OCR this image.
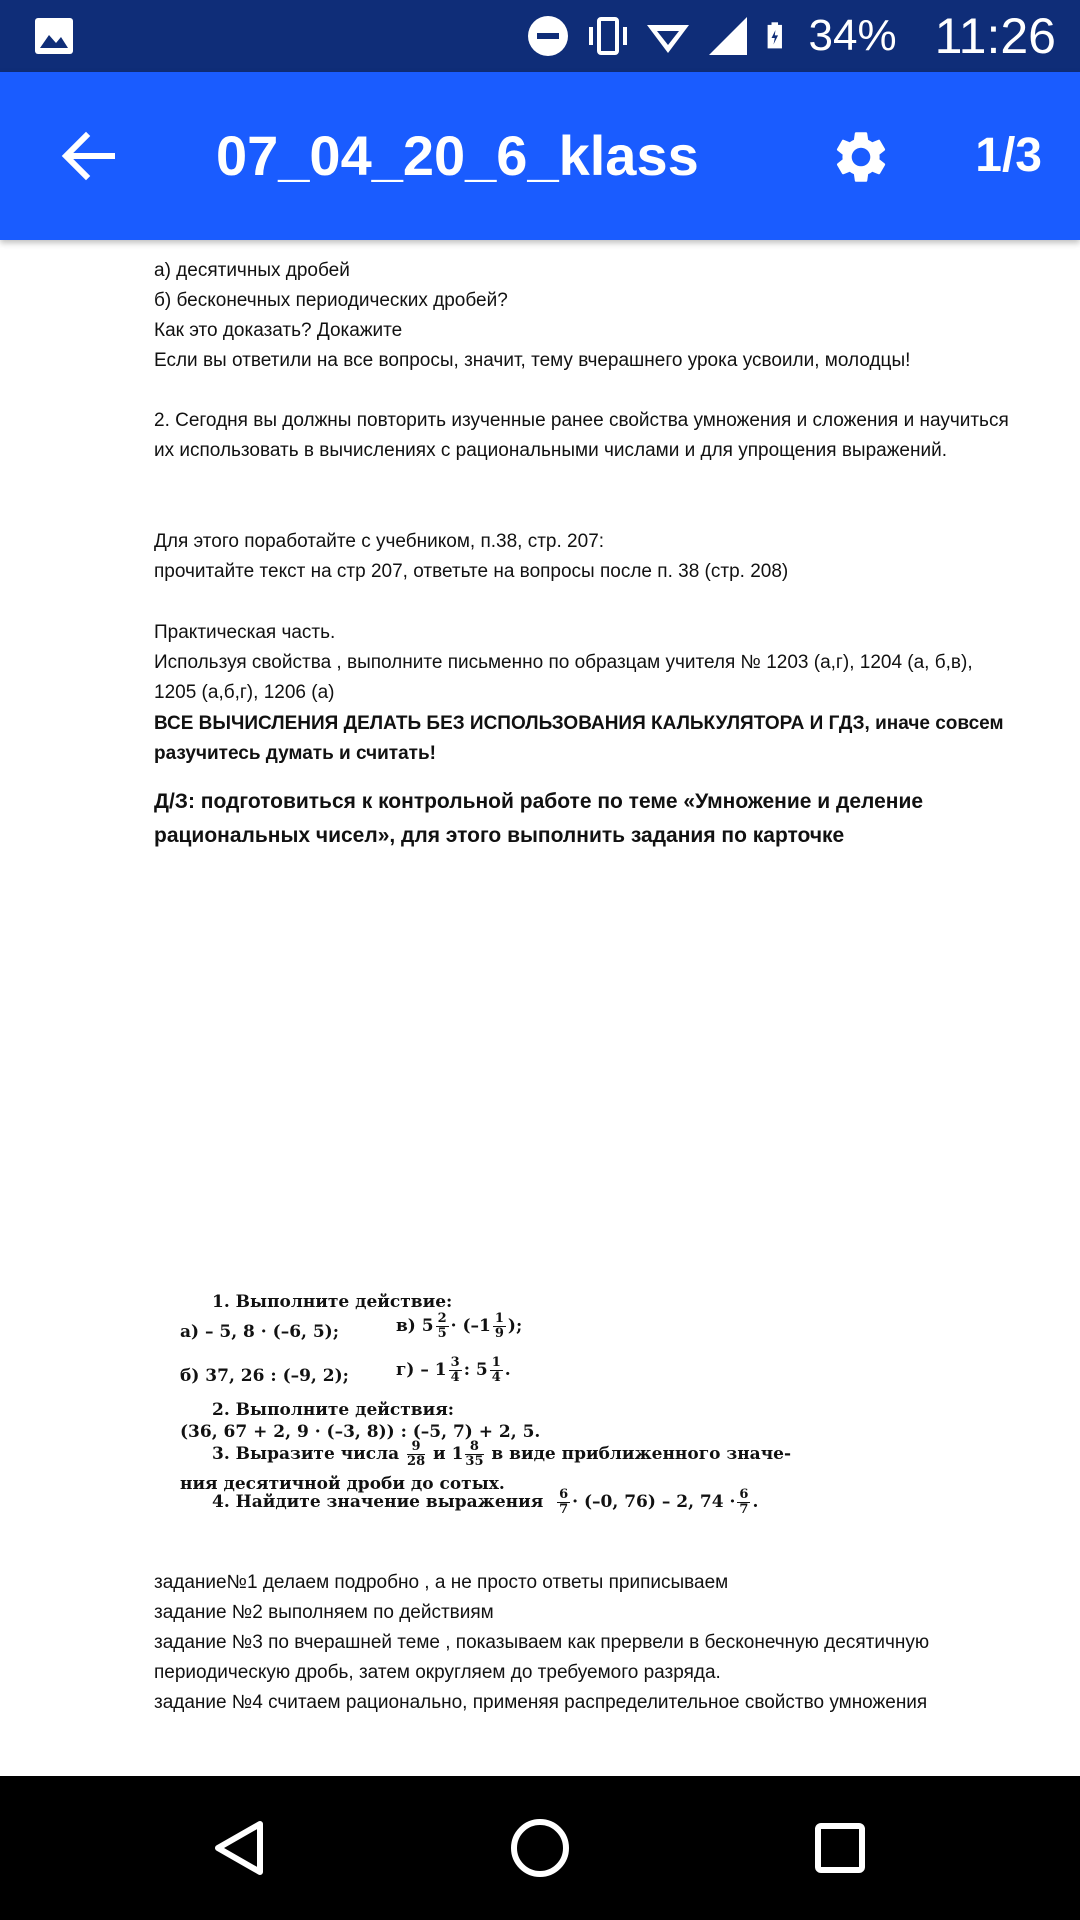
34% 11:26
07_04_20_6_klass	1/3

а) десятичных дробей

б) бесконечных периодических дробей?

Как это доказать? Докажите

Если вы ответили на все вопросы, значит, тему вчерашнего урока усвоили, молодцы!

2. Сегодня вы должны повторить изученные ранее свойства умножения и сложения и научиться их использовать в вычислениях с рациональными числами и для упрощения выражений.

Для этого поработайте с учебником, п.38, стр. 207:

прочитайте текст на стр 207, ответьте на вопросы после п. 38 (стр. 208)

Практическая часть.

Используя свойства , выполните письменно по образцам учителя № 1203 (а,г), 1204 (а, б,в), 1205 (а,б,г), 1206 (а)

ВСЕ ВЫЧИСЛЕНИЯ ДЕЛАТЬ БЕЗ ИСПОЛЬЗОВАНИЯ КАЛЬКУЛЯТОРА И ГДЗ, иначе совсем разучитесь думать и считать!

Д/З: подготовиться к контрольной работе по теме «Умножение и деление рациональных чисел», для этого выполнить задания по карточке

1. Выполните действие:
а) – 5, 8 · (–6, 5);	в) $5 \frac{2}{5} \cdot (-1 \frac{1}{9}$ );
б) 37, 26 : (–9, 2);	$г) - 1 \frac{3}{4}$ : $5 \frac{1}{4}$ .
2. Выполните действия:
(36, 67 + 2, 9 · (–3, 8)) : (–5, 7) + 2, 5.
3. Выразите числа $\frac{9}{28}$ и $1 \frac{8}{35}$ в виде приближенного значе-
ния десятичной дроби до сотых.
4. Найдите значение выражения $\frac{6}{7} \cdot (-0$, 76) – 2, $74 \cdot \frac{6}{7}$ .

задание№1 делаем подробно , а не просто ответы приписываем

задание №2 выполняем по действиям

задание №3 по вчерашней теме , показываем как прервели в бесконечную десятичную периодическую дробь, затем округляем до требуемого разряда.

задание №4 считаем рационально, применяя распределительное свойство умножения
